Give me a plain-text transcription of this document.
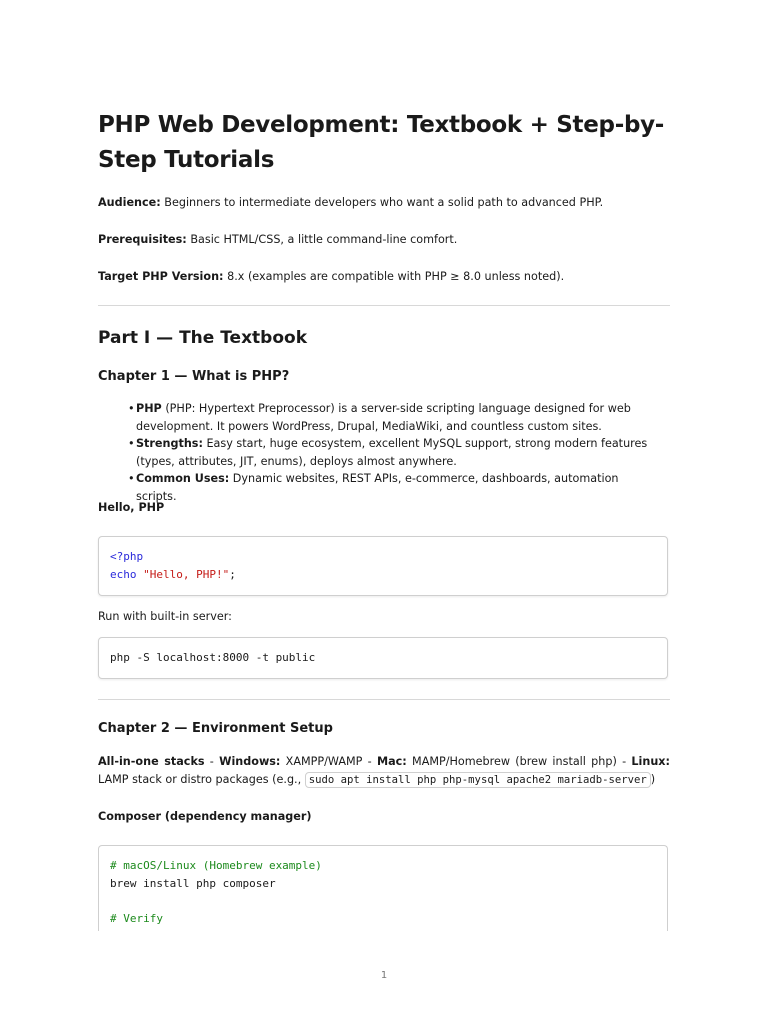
PHP Web Development: Textbook + Step-by-Step Tutorials

Audience: Beginners to intermediate developers who want a solid path to advanced PHP.

Prerequisites: Basic HTML/CSS, a little command-line comfort.

Target PHP Version: 8.x (examples are compatible with PHP ≥ 8.0 unless noted).

Part I — The Textbook
Chapter 1 — What is PHP?
• PHP (PHP: Hypertext Preprocessor) is a server-side scripting language designed for web development. It powers WordPress, Drupal, MediaWiki, and countless custom sites.
• Strengths: Easy start, huge ecosystem, excellent MySQL support, strong modern features (types, attributes, JIT, enums), deploys almost anywhere.
• Common Uses: Dynamic websites, REST APIs, e-commerce, dashboards, automation scripts.

Hello, PHP

<?php
echo "Hello, PHP!";

Run with built-in server:

php -S localhost:8000 -t public
Chapter 2 — Environment Setup

All-in-one stacks - Windows: XAMPP/WAMP - Mac: MAMP/Homebrew (brew install php) - Linux: LAMP stack or distro packages (e.g., sudo apt install php php-mysql apache2 mariadb-server )

Composer (dependency manager)

# macOS/Linux (Homebrew example)
brew install php composer

# Verify
1
